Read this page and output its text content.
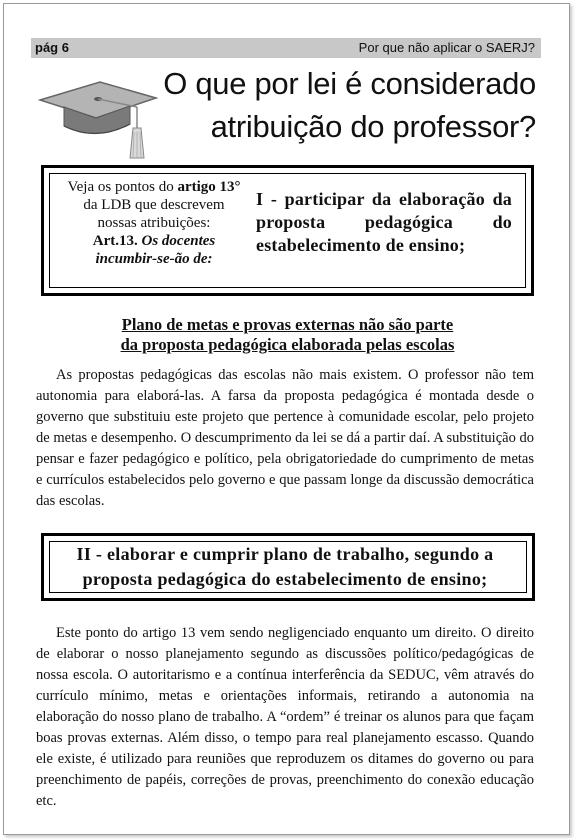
pág 6	Por que não aplicar o SAERJ?
O que por lei é considerado
atribuição do professor?
Veja os pontos do artigo 13°
da LDB que descrevem
nossas atribuições:
Art.13. Os docentes
incumbir-se-ão de:
I - participar da elaboração da proposta pedagógica do estabelecimento de ensino;
Plano de metas e provas externas não são parte
da proposta pedagógica elaborada pelas escolas
As propostas pedagógicas das escolas não mais existem. O professor não tem autonomia para elaborá-las. A farsa da proposta pedagógica é montada desde o governo que substituiu este projeto que pertence à comunidade escolar, pelo projeto de metas e desempenho. O descumprimento da lei se dá a partir daí. A substituição do pensar e fazer pedagógico e político, pela obrigatoriedade do cumprimento de metas e currículos estabelecidos pelo governo e que passam longe da discussão democrática das escolas.
II - elaborar e cumprir plano de trabalho, segundo a
proposta pedagógica do estabelecimento de ensino;
Este ponto do artigo 13 vem sendo negligenciado enquanto um direito. O direito de elaborar o nosso planejamento segundo as discussões político/pedagógicas de nossa escola. O autoritarismo e a contínua interferência da SEDUC, vêm através do currículo mínimo, metas e orientações informais, retirando a autonomia na elaboração do nosso plano de trabalho. A “ordem” é treinar os alunos para que façam boas provas externas. Além disso, o tempo para real planejamento escasso. Quando ele existe, é utilizado para reuniões que reproduzem os ditames do governo ou para preenchimento de papéis, correções de provas, preenchimento do conexão educação etc.
